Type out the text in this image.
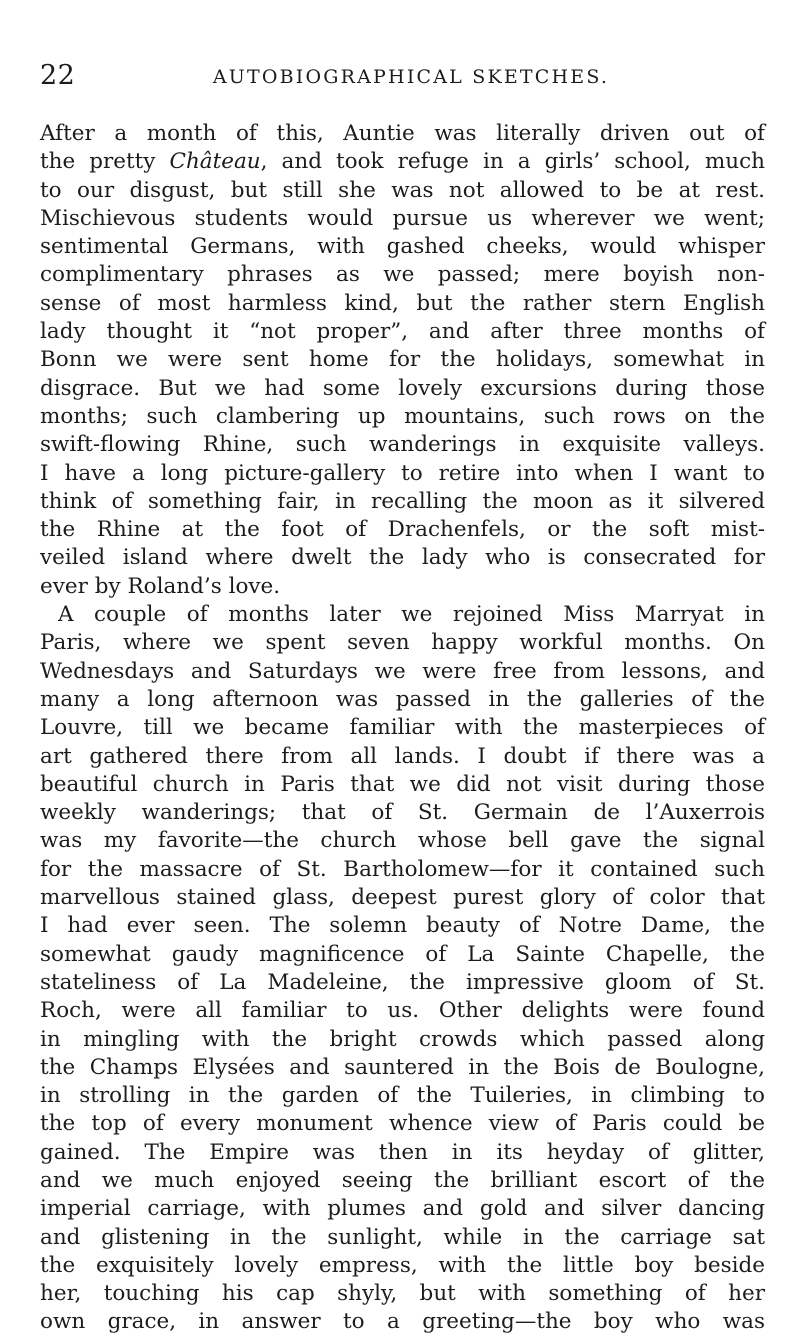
22	AUTOBIOGRAPHICAL SKETCHES.
After a month of this, Auntie was literally driven out of
the pretty Château, and took refuge in a girls’ school, much
to our disgust, but still she was not allowed to be at rest.
Mischievous students would pursue us wherever we went;
sentimental Germans, with gashed cheeks, would whisper
complimentary phrases as we passed; mere boyish non-
sense of most harmless kind, but the rather stern English
lady thought it “not proper”, and after three months of
Bonn we were sent home for the holidays, somewhat in
disgrace. But we had some lovely excursions during those
months; such clambering up mountains, such rows on the
swift-flowing Rhine, such wanderings in exquisite valleys.
I have a long picture-gallery to retire into when I want to
think of something fair, in recalling the moon as it silvered
the Rhine at the foot of Drachenfels, or the soft mist-
veiled island where dwelt the lady who is consecrated for
ever by Roland’s love.
A couple of months later we rejoined Miss Marryat in
Paris, where we spent seven happy workful months. On
Wednesdays and Saturdays we were free from lessons, and
many a long afternoon was passed in the galleries of the
Louvre, till we became familiar with the masterpieces of
art gathered there from all lands. I doubt if there was a
beautiful church in Paris that we did not visit during those
weekly wanderings; that of St. Germain de l’Auxerrois
was my favorite—the church whose bell gave the signal
for the massacre of St. Bartholomew—for it contained such
marvellous stained glass, deepest purest glory of color that
I had ever seen. The solemn beauty of Notre Dame, the
somewhat gaudy magnificence of La Sainte Chapelle, the
stateliness of La Madeleine, the impressive gloom of St.
Roch, were all familiar to us. Other delights were found
in mingling with the bright crowds which passed along
the Champs Elysées and sauntered in the Bois de Boulogne,
in strolling in the garden of the Tuileries, in climbing to
the top of every monument whence view of Paris could be
gained. The Empire was then in its heyday of glitter,
and we much enjoyed seeing the brilliant escort of the
imperial carriage, with plumes and gold and silver dancing
and glistening in the sunlight, while in the carriage sat
the exquisitely lovely empress, with the little boy beside
her, touching his cap shyly, but with something of her
own grace, in answer to a greeting—the boy who was
